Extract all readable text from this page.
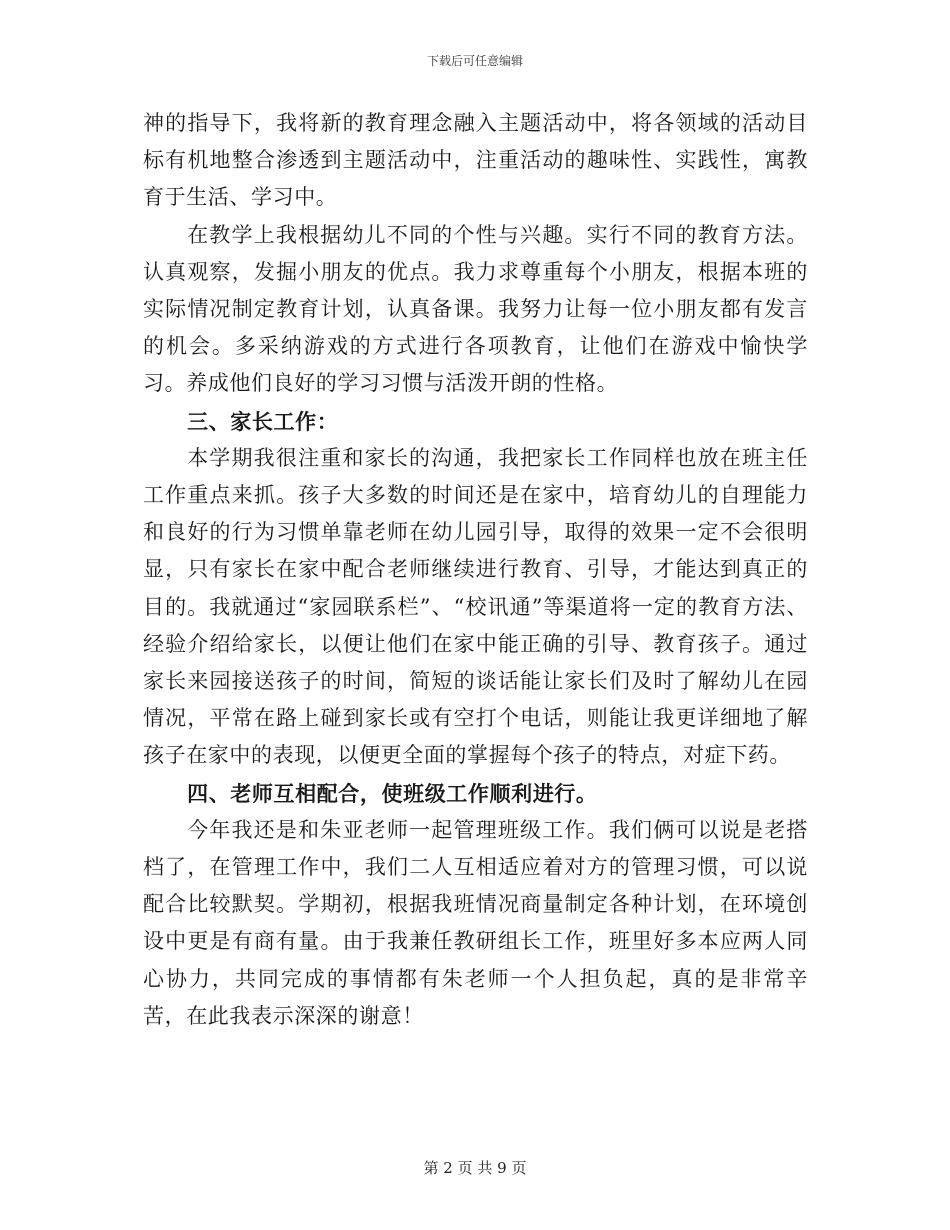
下载后可任意编辑

神的指导下，我将新的教育理念融入主题活动中，将各领域的活动目标有机地整合渗透到主题活动中，注重活动的趣味性、实践性，寓教育于生活、学习中。

在教学上我根据幼儿不同的个性与兴趣。实行不同的教育方法。认真观察，发掘小朋友的优点。我力求尊重每个小朋友，根据本班的实际情况制定教育计划，认真备课。我努力让每一位小朋友都有发言的机会。多采纳游戏的方式进行各项教育，让他们在游戏中愉快学习。养成他们良好的学习习惯与活泼开朗的性格。

三、家长工作：

本学期我很注重和家长的沟通，我把家长工作同样也放在班主任工作重点来抓。孩子大多数的时间还是在家中，培育幼儿的自理能力和良好的行为习惯单靠老师在幼儿园引导，取得的效果一定不会很明显，只有家长在家中配合老师继续进行教育、引导，才能达到真正的目的。我就通过“家园联系栏”、“校讯通”等渠道将一定的教育方法、经验介绍给家长，以便让他们在家中能正确的引导、教育孩子。通过家长来园接送孩子的时间，简短的谈话能让家长们及时了解幼儿在园情况，平常在路上碰到家长或有空打个电话，则能让我更详细地了解孩子在家中的表现，以便更全面的掌握每个孩子的特点，对症下药。

四、老师互相配合，使班级工作顺利进行。

今年我还是和朱亚老师一起管理班级工作。我们俩可以说是老搭档了，在管理工作中，我们二人互相适应着对方的管理习惯，可以说配合比较默契。学期初，根据我班情况商量制定各种计划，在环境创设中更是有商有量。由于我兼任教研组长工作，班里好多本应两人同心协力，共同完成的事情都有朱老师一个人担负起，真的是非常辛苦，在此我表示深深的谢意！

第 2 页 共 9 页
